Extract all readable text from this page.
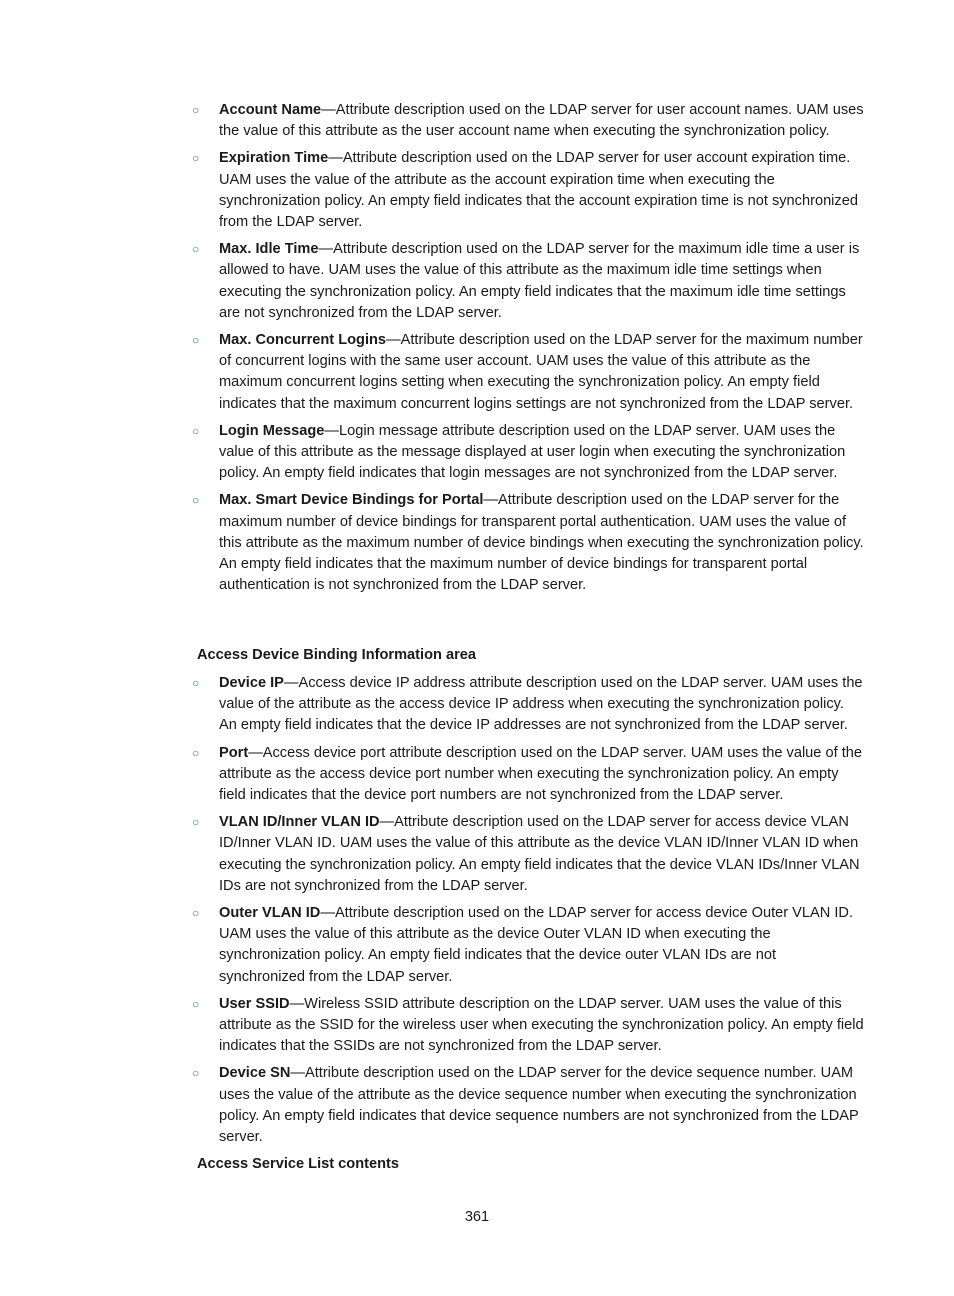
○ Account Name—Attribute description used on the LDAP server for user account names. UAM uses the value of this attribute as the user account name when executing the synchronization policy.

○ Expiration Time—Attribute description used on the LDAP server for user account expiration time. UAM uses the value of the attribute as the account expiration time when executing the synchronization policy. An empty field indicates that the account expiration time is not synchronized from the LDAP server.

○ Max. Idle Time—Attribute description used on the LDAP server for the maximum idle time a user is allowed to have. UAM uses the value of this attribute as the maximum idle time settings when executing the synchronization policy. An empty field indicates that the maximum idle time settings are not synchronized from the LDAP server.

○ Max. Concurrent Logins—Attribute description used on the LDAP server for the maximum number of concurrent logins with the same user account. UAM uses the value of this attribute as the maximum concurrent logins setting when executing the synchronization policy. An empty field indicates that the maximum concurrent logins settings are not synchronized from the LDAP server.

○ Login Message—Login message attribute description used on the LDAP server. UAM uses the value of this attribute as the message displayed at user login when executing the synchronization policy. An empty field indicates that login messages are not synchronized from the LDAP server.

○ Max. Smart Device Bindings for Portal—Attribute description used on the LDAP server for the maximum number of device bindings for transparent portal authentication. UAM uses the value of this attribute as the maximum number of device bindings when executing the synchronization policy. An empty field indicates that the maximum number of device bindings for transparent portal authentication is not synchronized from the LDAP server.

Access Device Binding Information area

○ Device IP—Access device IP address attribute description used on the LDAP server. UAM uses the value of the attribute as the access device IP address when executing the synchronization policy. An empty field indicates that the device IP addresses are not synchronized from the LDAP server.

○ Port—Access device port attribute description used on the LDAP server. UAM uses the value of the attribute as the access device port number when executing the synchronization policy. An empty field indicates that the device port numbers are not synchronized from the LDAP server.

○ VLAN ID/Inner VLAN ID—Attribute description used on the LDAP server for access device VLAN ID/Inner VLAN ID. UAM uses the value of this attribute as the device VLAN ID/Inner VLAN ID when executing the synchronization policy. An empty field indicates that the device VLAN IDs/Inner VLAN IDs are not synchronized from the LDAP server.

○ Outer VLAN ID—Attribute description used on the LDAP server for access device Outer VLAN ID. UAM uses the value of this attribute as the device Outer VLAN ID when executing the synchronization policy. An empty field indicates that the device outer VLAN IDs are not synchronized from the LDAP server.

○ User SSID—Wireless SSID attribute description on the LDAP server. UAM uses the value of this attribute as the SSID for the wireless user when executing the synchronization policy. An empty field indicates that the SSIDs are not synchronized from the LDAP server.

○ Device SN—Attribute description used on the LDAP server for the device sequence number. UAM uses the value of the attribute as the device sequence number when executing the synchronization policy. An empty field indicates that device sequence numbers are not synchronized from the LDAP server.

Access Service List contents

361
